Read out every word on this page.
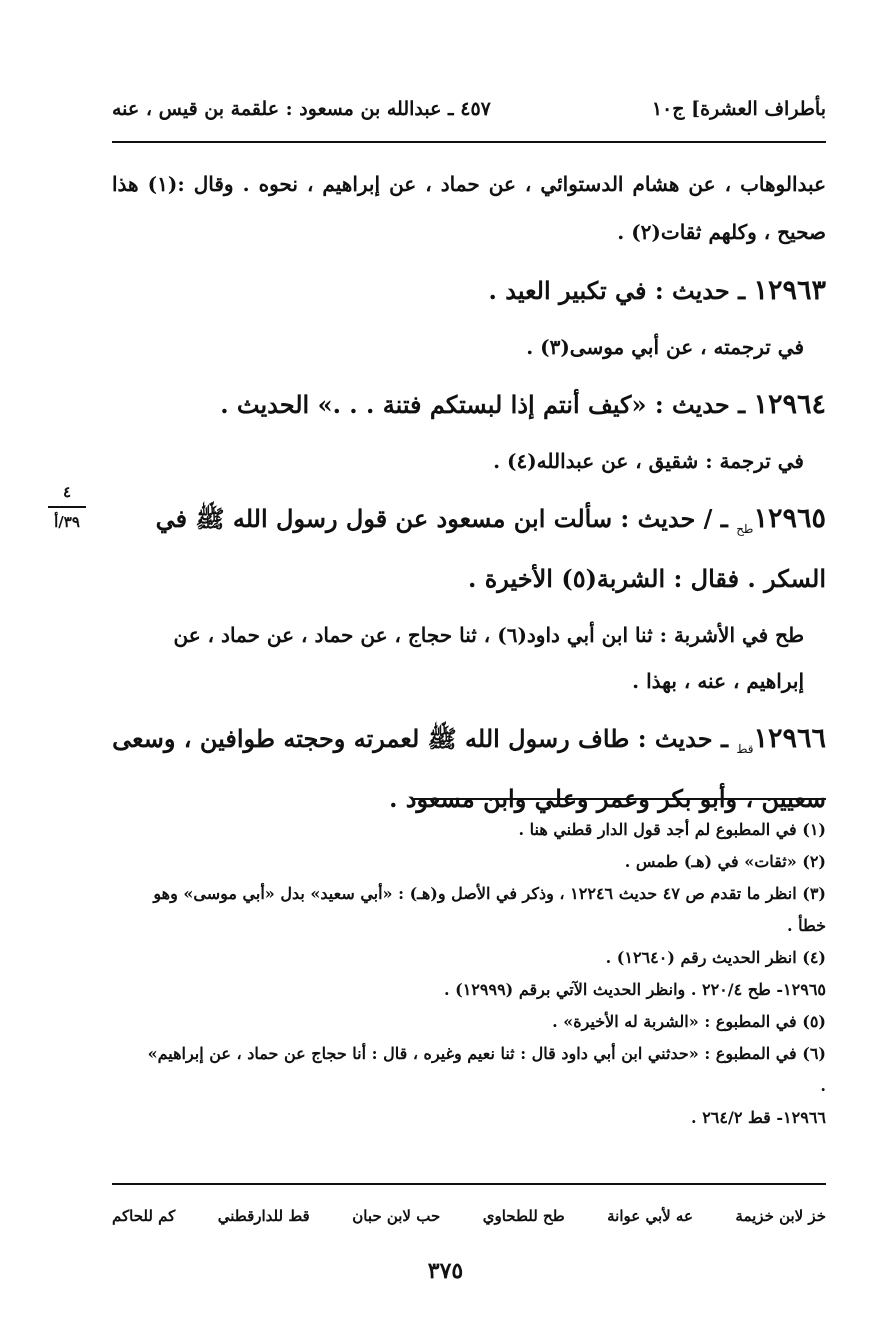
بأطراف العشرة] ج١٠
٤٥٧ ـ عبدالله بن مسعود : علقمة بن قيس ، عنه
٤
٣٩/أ
عبدالوهاب ، عن هشام الدستوائي ، عن حماد ، عن إبراهيم ، نحوه . وقال :(١) هذا صحيح ، وكلهم ثقات(٢) .
١٢٩٦٣ ـ حديث : في تكبير العيد .
في ترجمته ، عن أبي موسى(٣) .
١٢٩٦٤ ـ حديث : «كيف أنتم إذا لبستكم فتنة . . .» الحديث .
في ترجمة : شقيق ، عن عبدالله(٤) .
$١٢٩٦٥_{طح}$ ـ / حديث : سألت ابن مسعود عن قول رسول الله ﷺ في السكر . فقال : الشربة(٥) الأخيرة .
طح في الأشربة : ثنا ابن أبي داود(٦) ، ثنا حجاج ، عن حماد ، عن حماد ، عن إبراهيم ، عنه ، بهذا .
$١٢٩٦٦_{قط}$ ـ حديث : طاف رسول الله ﷺ لعمرته وحجته طوافين ، وسعى سعيين ، وأبو بكر وعمر وعلي وابن مسعود .
(١) في المطبوع لم أجد قول الدار قطني هنا .
(٢) «ثقات» في (هـ) طمس .
(٣) انظر ما تقدم ص ٤٧ حديث ١٢٢٤٦ ، وذكر في الأصل و(هـ) : «أبي سعيد» بدل «أبي موسى» وهو خطأ .
(٤) انظر الحديث رقم (١٢٦٤٠) .
١٢٩٦٥- طح ٢٢٠/٤ . وانظر الحديث الآتي برقم (١٢٩٩٩) .
(٥) في المطبوع : «الشربة له الأخيرة» .
(٦) في المطبوع : «حدثني ابن أبي داود قال : ثنا نعيم وغيره ، قال : أنا حجاج عن حماد ، عن إبراهيم» .
١٢٩٦٦- قط ٢٦٤/٢ .
خز لابن خزيمة
عه لأبي عوانة
طح للطحاوي
حب لابن حبان
قط للدارقطني
كم للحاكم
٣٧٥
